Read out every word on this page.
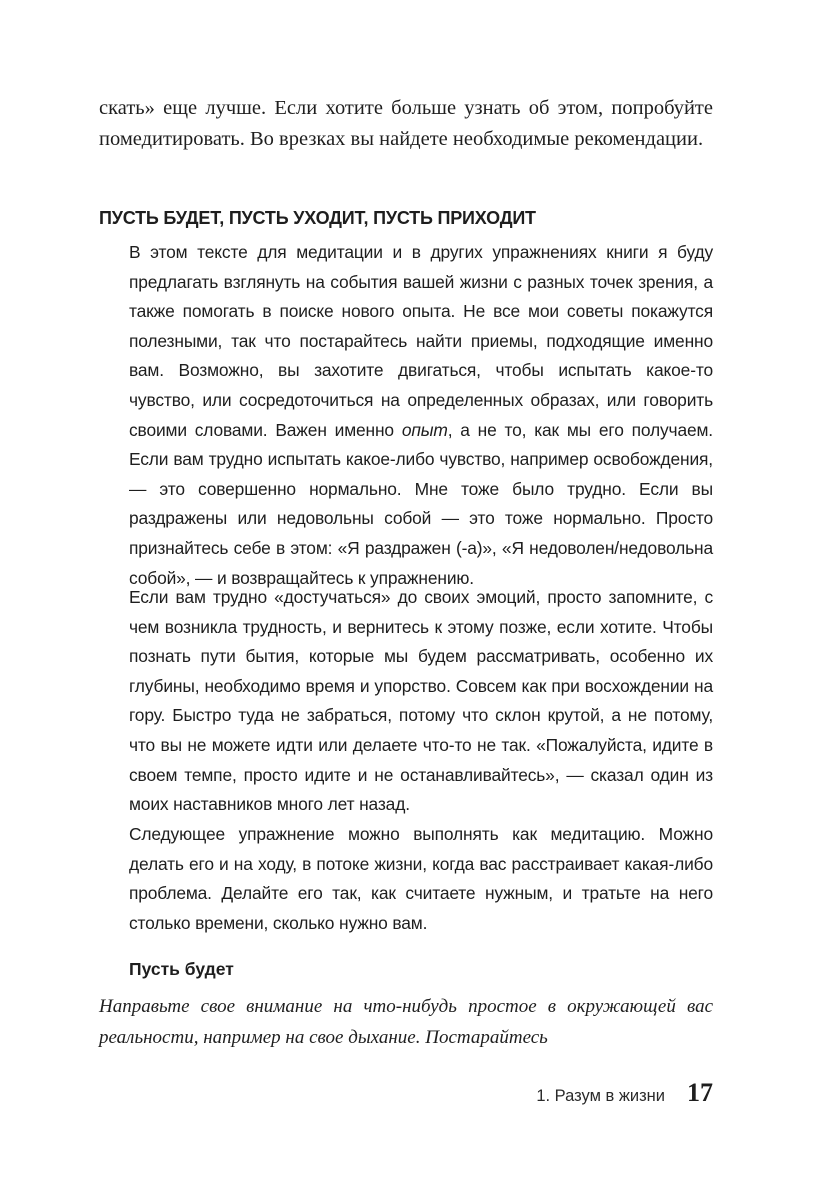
скать» еще лучше. Если хотите больше узнать об этом, попробуйте помедитировать. Во врезках вы найдете необходимые рекомендации.

ПУСТЬ БУДЕТ, ПУСТЬ УХОДИТ, ПУСТЬ ПРИХОДИТ

В этом тексте для медитации и в других упражнениях книги я буду предлагать взглянуть на события вашей жизни с разных точек зрения, а также помогать в поиске нового опыта. Не все мои советы покажутся полезными, так что постарайтесь найти приемы, подходящие именно вам. Возможно, вы захотите двигаться, чтобы испытать какое-то чувство, или сосредоточиться на определенных образах, или говорить своими словами. Важен именно опыт, а не то, как мы его получаем. Если вам трудно испытать какое-либо чувство, например освобождения, — это совершенно нормально. Мне тоже было трудно. Если вы раздражены или недовольны собой — это тоже нормально. Просто признайтесь себе в этом: «Я раздражен (-а)», «Я недоволен/недовольна собой», — и возвращайтесь к упражнению.

Если вам трудно «достучаться» до своих эмоций, просто запомните, с чем возникла трудность, и вернитесь к этому позже, если хотите. Чтобы познать пути бытия, которые мы будем рассматривать, особенно их глубины, необходимо время и упорство. Совсем как при восхождении на гору. Быстро туда не забраться, потому что склон крутой, а не потому, что вы не можете идти или делаете что-то не так. «Пожалуйста, идите в своем темпе, просто идите и не останавливайтесь», — сказал один из моих наставников много лет назад.

Следующее упражнение можно выполнять как медитацию. Можно делать его и на ходу, в потоке жизни, когда вас расстраивает какая-либо проблема. Делайте его так, как считаете нужным, и тратьте на него столько времени, сколько нужно вам.

Пусть будет

Направьте свое внимание на что-нибудь простое в окружающей вас реальности, например на свое дыхание. Постарайтесь

1. Разум в жизни 17
